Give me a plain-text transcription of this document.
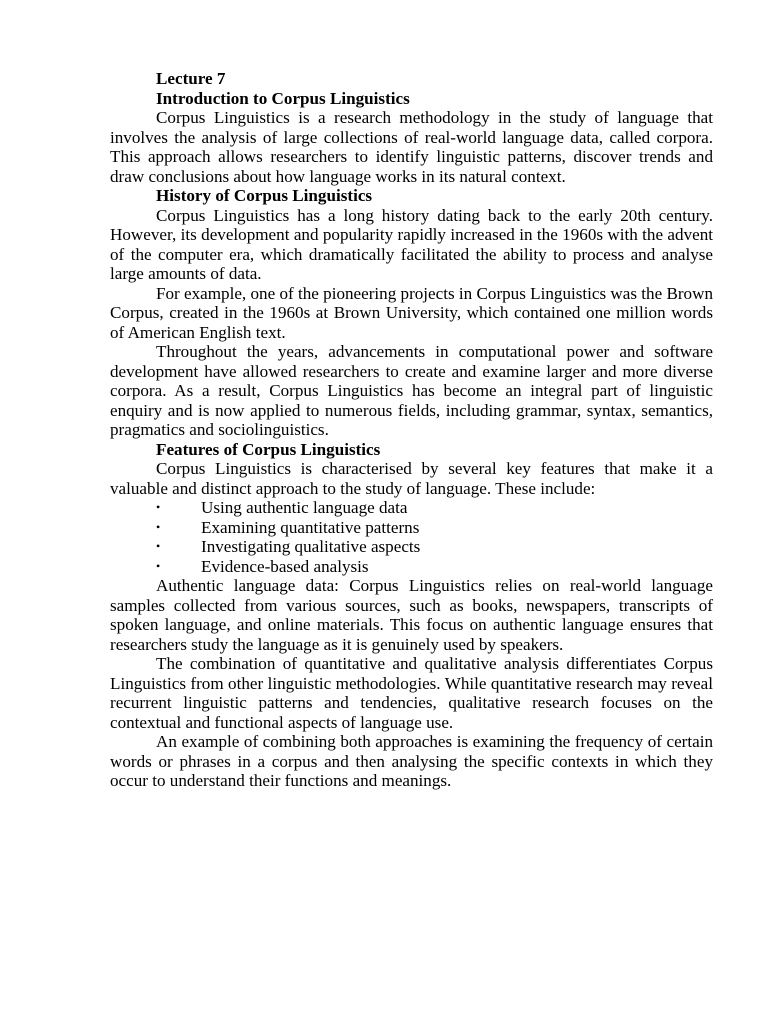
Lecture 7

Introduction to Corpus Linguistics

Corpus Linguistics is a research methodology in the study of language that involves the analysis of large collections of real-world language data, called corpora. This approach allows researchers to identify linguistic patterns, discover trends and draw conclusions about how language works in its natural context.

History of Corpus Linguistics

Corpus Linguistics has a long history dating back to the early 20th century. However, its development and popularity rapidly increased in the 1960s with the advent of the computer era, which dramatically facilitated the ability to process and analyse large amounts of data.

For example, one of the pioneering projects in Corpus Linguistics was the Brown Corpus, created in the 1960s at Brown University, which contained one million words of American English text.

Throughout the years, advancements in computational power and software development have allowed researchers to create and examine larger and more diverse corpora. As a result, Corpus Linguistics has become an integral part of linguistic enquiry and is now applied to numerous fields, including grammar, syntax, semantics, pragmatics and sociolinguistics.

Features of Corpus Linguistics

Corpus Linguistics is characterised by several key features that make it a valuable and distinct approach to the study of language. These include:

• Using authentic language data
• Examining quantitative patterns
• Investigating qualitative aspects
• Evidence-based analysis

Authentic language data: Corpus Linguistics relies on real-world language samples collected from various sources, such as books, newspapers, transcripts of spoken language, and online materials. This focus on authentic language ensures that researchers study the language as it is genuinely used by speakers.

The combination of quantitative and qualitative analysis differentiates Corpus Linguistics from other linguistic methodologies. While quantitative research may reveal recurrent linguistic patterns and tendencies, qualitative research focuses on the contextual and functional aspects of language use.

An example of combining both approaches is examining the frequency of certain words or phrases in a corpus and then analysing the specific contexts in which they occur to understand their functions and meanings.
